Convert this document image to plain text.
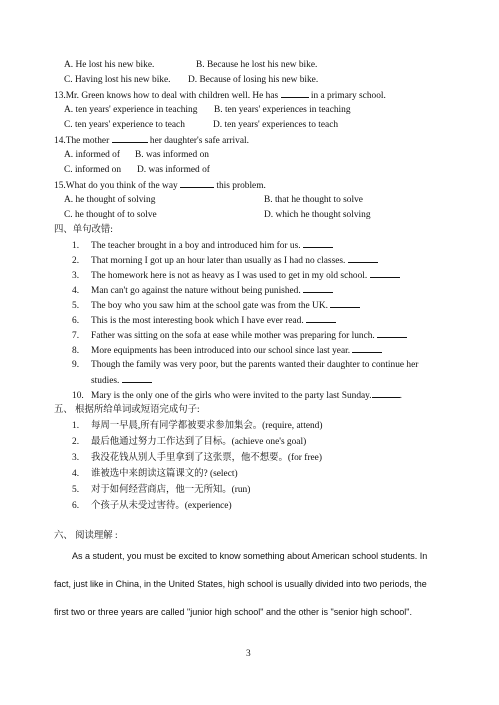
A. He lost his new bike.	B. Because he lost his new bike.
C. Having lost his new bike. D. Because of losing his new bike.
13.Mr. Green knows how to deal with children well. He has	in a primary school.
A. ten years' experience in teaching B. ten years' experiences in teaching
C. ten years' experience to teach	D. ten years' experiences to teach
14.The mother	her daughter's safe arrival.
A. informed of B. was informed on
C. informed on D. was informed of
15.What do you think of the way	this problem.
A. he thought of solving	B. that he thought to solve
C. he thought of to solve	D. which he thought solving
四、单句改错:
1. The teacher brought in a boy and introduced him for us.
2. That morning I got up an hour later than usually as I had no classes.
3. The homework here is not as heavy as I was used to get in my old school.
4. Man can't go against the nature without being punished.
5. The boy who you saw him at the school gate was from the UK.
6. This is the most interesting book which I have ever read.
7. Father was sitting on the sofa at ease while mother was preparing for lunch.
8. More equipments has been introduced into our school since last year.
9. Though the family was very poor, but the parents wanted their daughter to continue her
studies.
10. Mary is the only one of the girls who were invited to the party last Sunday.	.
五、 根据所给单词或短语完成句子:
1. 每周一早晨,所有同学都被要求参加集会。(require, attend)
2. 最后他通过努力工作达到了目标。(achieve one's goal)
3. 我没花钱从别人手里拿到了这张票，他不想要。(for free)
4. 谁被选中来朗读这篇课文的? (select)
5. 对于如何经营商店，他一无所知。(run)
6. 个孩子从未受过害待。(experience)
六、 阅读理解 :
As a student, you must be excited to know something about American school students. In
fact, just like in China, in the United States, high school is usually divided into two periods, the
first two or three years are called "junior high school" and the other is "senior high school".
3
